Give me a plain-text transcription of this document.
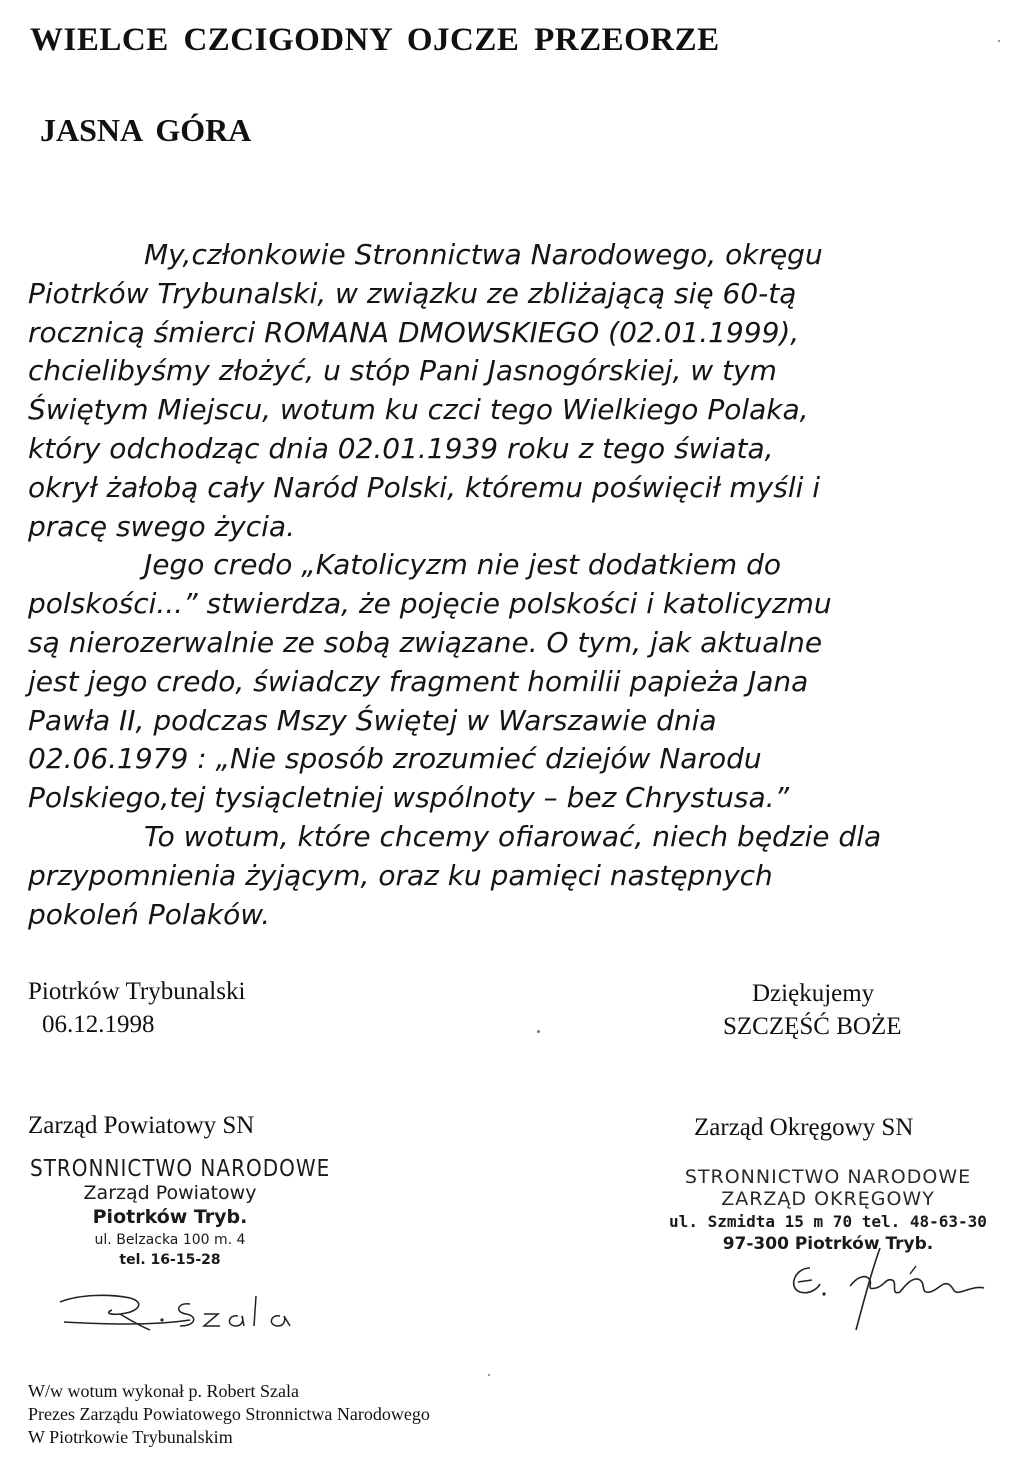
WIELCE CZCIGODNY OJCZE PRZEORZE
JASNA GÓRA
My,członkowie Stronnictwa Narodowego, okręgu
Piotrków Trybunalski, w związku ze zbliżającą się 60-tą
rocznicą śmierci ROMANA DMOWSKIEGO (02.01.1999),
chcielibyśmy złożyć, u stóp Pani Jasnogórskiej, w tym
Świętym Miejscu, wotum ku czci tego Wielkiego Polaka,
który odchodząc dnia 02.01.1939 roku z tego świata,
okrył żałobą cały Naród Polski, któremu poświęcił myśli i
pracę swego życia.
Jego credo „Katolicyzm nie jest dodatkiem do
polskości...” stwierdza, że pojęcie polskości i katolicyzmu
są nierozerwalnie ze sobą związane. O tym, jak aktualne
jest jego credo, świadczy fragment homilii papieża Jana
Pawła II, podczas Mszy Świętej w Warszawie dnia
02.06.1979 : „Nie sposób zrozumieć dziejów Narodu
Polskiego,tej tysiącletniej wspólnoty – bez Chrystusa.”
To wotum, które chcemy ofiarować, niech będzie dla
przypomnienia żyjącym, oraz ku pamięci następnych
pokoleń Polaków.
Piotrków Trybunalski
06.12.1998
Dziękujemy
SZCZĘŚĆ BOŻE
Zarząd Powiatowy SN
STRONNICTWO NARODOWE
Zarząd Powiatowy
Piotrków Tryb.
ul. Belzacka 100 m. 4
tel. 16-15-28
Zarząd Okręgowy SN
STRONNICTWO NARODOWE
ZARZĄD OKRĘGOWY
ul. Szmidta 15 m 70 tel. 48-63-30
97-300 Piotrków Tryb.
W/w wotum wykonał p. Robert Szala
Prezes Zarządu Powiatowego Stronnictwa Narodowego
W Piotrkowie Trybunalskim
